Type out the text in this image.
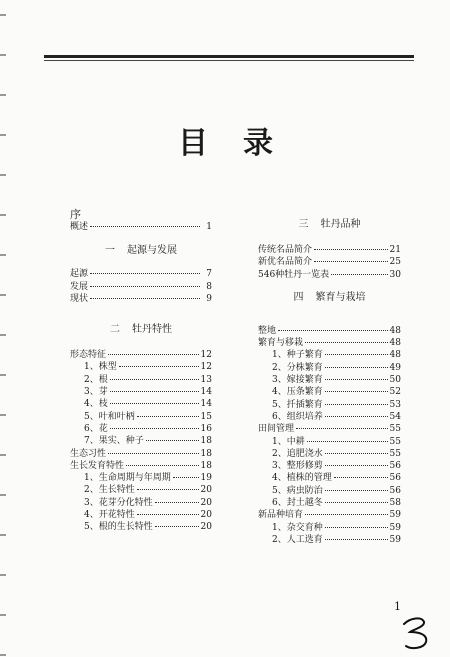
目 录
序
概述	1
一 起源与发展
起源	7
发展	8
现状	9
二 牡丹特性
形态特征	12
1、株型	12
2、根	13
3、芽	14
4、枝	14
5、叶和叶柄	15
6、花	16
7、果实、种子	18
生态习性	18
生长发育特性	18
1、生命周期与年周期	19
2、生长特性	20
3、花芽分化特性	20
4、开花特性	20
5、根的生长特性	20
三 牡丹品种
传统名品简介	21
新优名品简介	25
546种牡丹一览表	30
四 繁育与栽培
整地	48
繁育与移栽	48
1、种子繁育	48
2、分株繁育	49
3、嫁接繁育	50
4、压条繁育	52
5、扦插繁育	53
6、组织培养	54
田间管理	55
1、中耕	55
2、追肥浇水	55
3、整形修剪	56
4、植株的管理	56
5、病虫防治	56
6、封土越冬	58
新品种培育	59
1、杂交育种	59
2、人工选育	59
1
